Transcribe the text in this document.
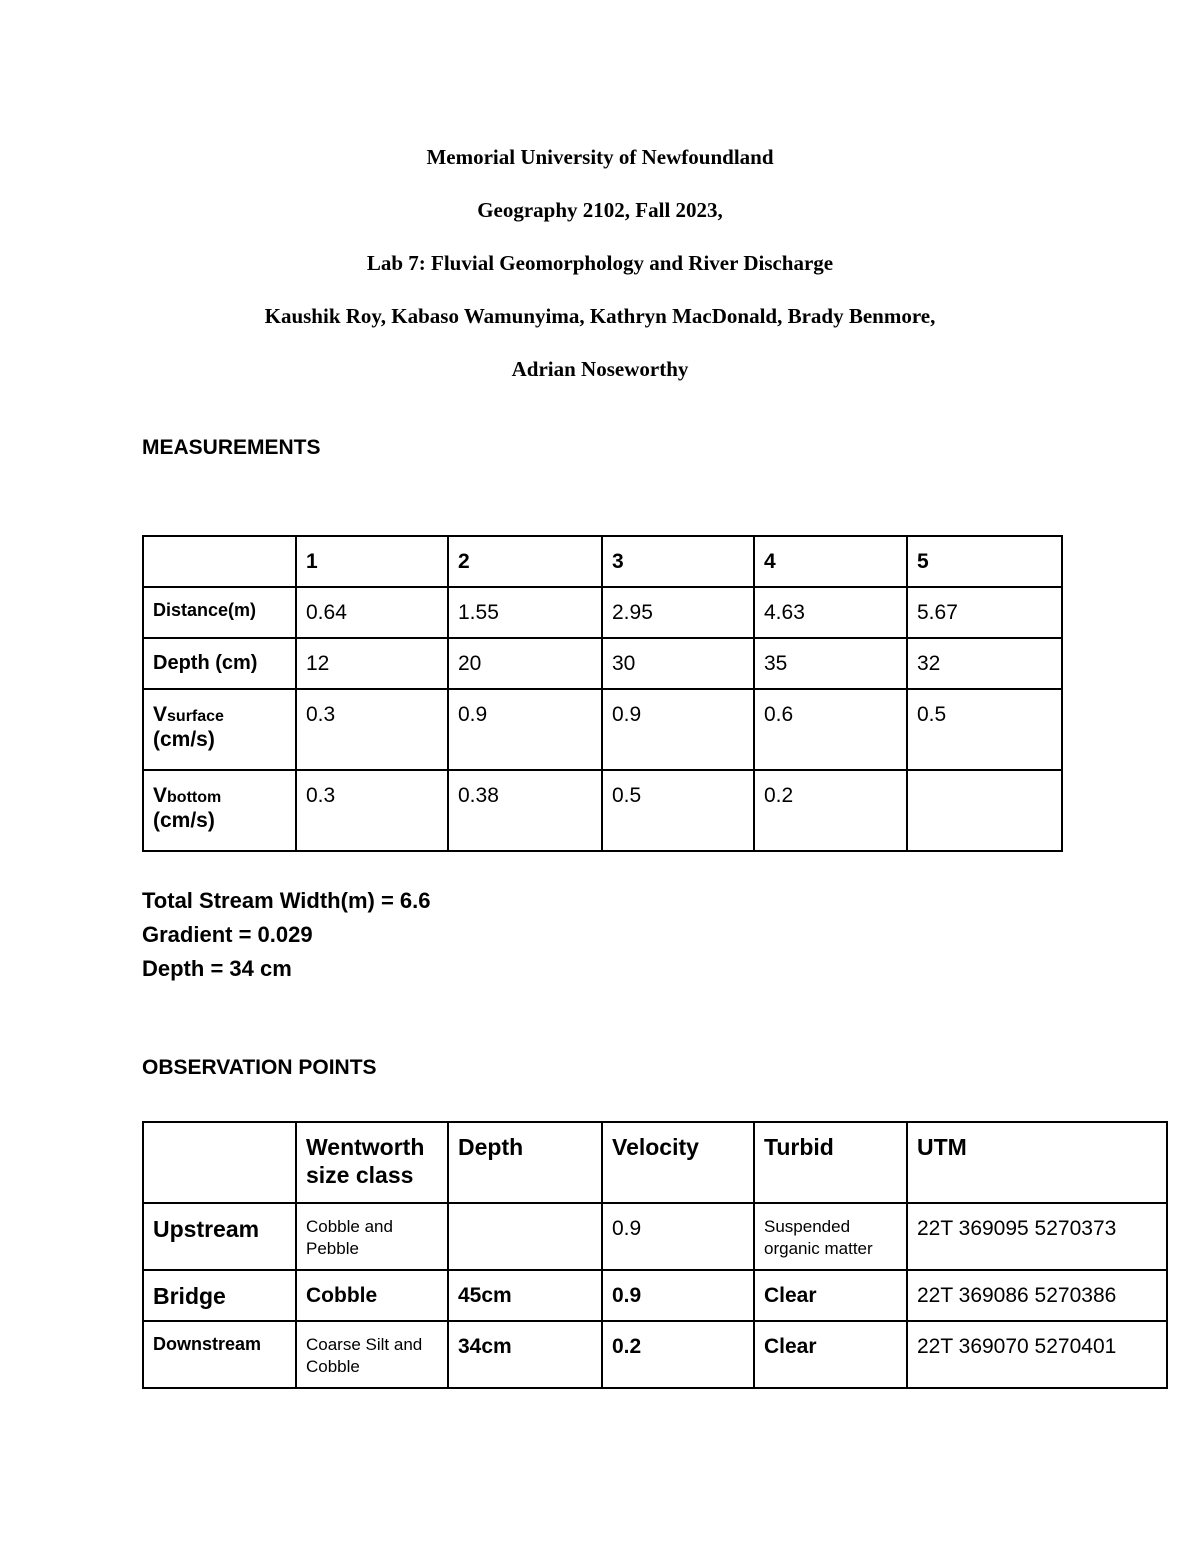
Memorial University of Newfoundland
Geography 2102, Fall 2023,
Lab 7: Fluvial Geomorphology and River Discharge
Kaushik Roy, Kabaso Wamunyima, Kathryn MacDonald, Brady Benmore,
Adrian Noseworthy
MEASUREMENTS
	1	2	3	4	5
Distance(m)	0.64	1.55	2.95	4.63	5.67
Depth (cm)	12	20	30	35	32
Vsurface
(cm/s)	0.3	0.9	0.9	0.6	0.5
Vbottom
(cm/s)	0.3	0.38	0.5	0.2	
Total Stream Width(m) = 6.6
Gradient = 0.029
Depth = 34 cm
OBSERVATION POINTS
	Wentworth size class	Depth	Velocity	Turbid	UTM
Upstream	Cobble and Pebble		0.9	Suspended organic matter	22T 369095 5270373
Bridge	Cobble	45cm	0.9	Clear	22T 369086 5270386
Downstream	Coarse Silt and Cobble	34cm	0.2	Clear	22T 369070 5270401
